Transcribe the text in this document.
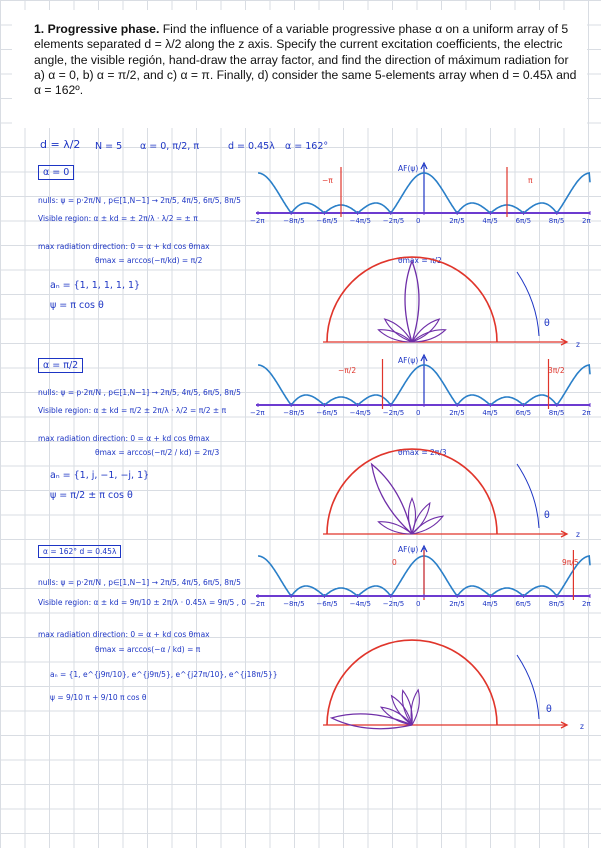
1. Progressive phase. Find the influence of a variable progressive phase α on a uniform array of 5 elements separated d = λ/2 along the z axis. Specify the current excitation coefficients, the electric angle, the visible región, hand-draw the array factor, and find the direction of máximum radiation for a) α = 0, b) α = π/2, and c) α = π. Finally, d) consider the same 5-elements array when d = 0.45λ and α = 162º.
d = λ/2 N = 5 α = 0, π/2, π	d = 0.45λ α = 162°
α = 0
nulls: ψ = p·2π/N , p∈[1,N−1] → 2π/5, 4π/5, 6π/5, 8π/5
Visible region: α ± kd = ± 2π/λ · λ/2 = ± π
max radiation direction: 0 = α + kd cos θmax
θmax = arccos(−π/kd) = π/2
aₙ = {1, 1, 1, 1, 1}
ψ = π cos θ
α = π/2
nulls: ψ = p·2π/N , p∈[1,N−1] → 2π/5, 4π/5, 6π/5, 8π/5
Visible region: α ± kd = π/2 ± 2π/λ · λ/2 = π/2 ± π
max radiation direction: 0 = α + kd cos θmax
θmax = arccos(−π/2 / kd) = 2π/3
aₙ = {1, j, −1, −j, 1}
ψ = π/2 ± π cos θ
α = 162° d = 0.45λ
nulls: ψ = p·2π/N , p∈[1,N−1] → 2π/5, 4π/5, 6π/5, 8π/5
Visible region: α ± kd = 9π/10 ± 2π/λ · 0.45λ = 9π/5 , 0
max radiation direction: 0 = α + kd cos θmax
θmax = arccos(−α / kd) = π
aₙ = {1, e^{j9π/10}, e^{j9π/5}, e^{j27π/10}, e^{j18π/5}}
ψ = 9/10 π + 9/10 π cos θ
AF(ψ)
AF(ψ)
AF(ψ)
−π	π
−π/2	3π/2
0	9π/5
θmax = π/2
θmax = 2π/3
−2π	−8π/5 −6π/5 −4π/5 −2π/5 0	2π/5	4π/5	6π/5	8π/5	2π
−2π	−8π/5 −6π/5 −4π/5 −2π/5 0	2π/5	4π/5	6π/5	8π/5	2π
−2π	−8π/5 −6π/5 −4π/5 −2π/5 0	2π/5	4π/5	6π/5	8π/5	2π
θ
z
θ
z
θ
z
